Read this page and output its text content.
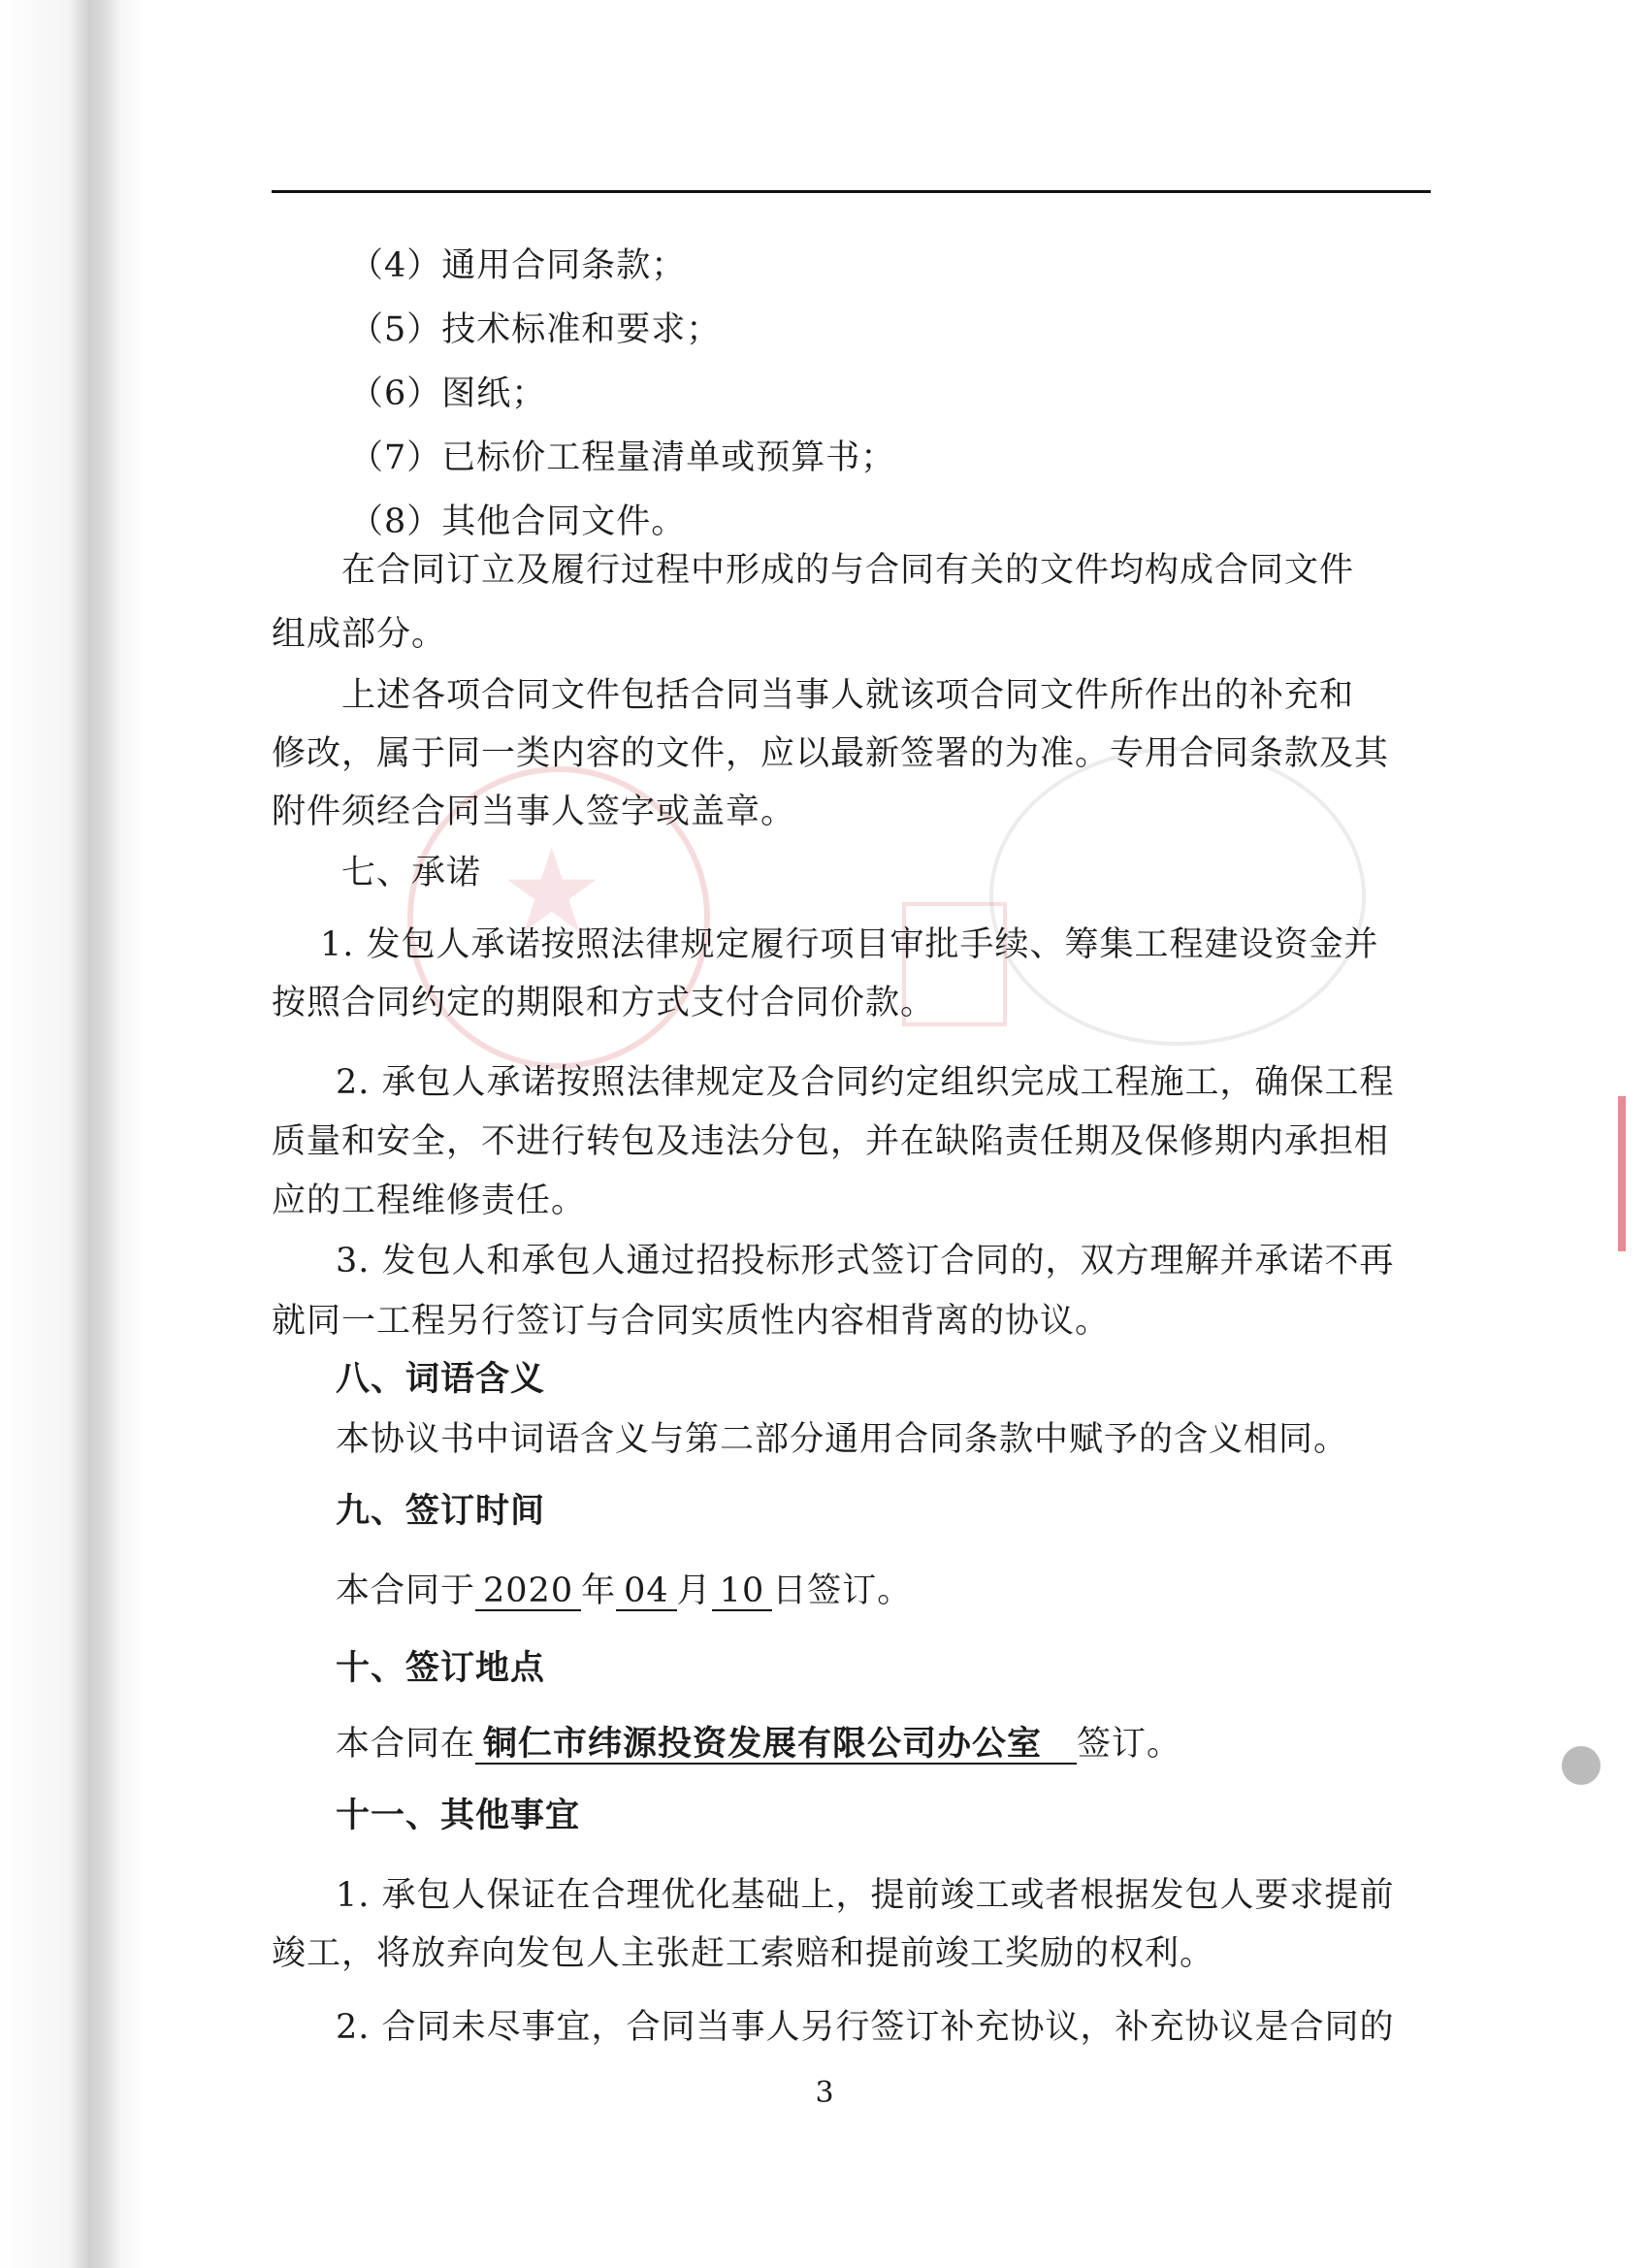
★
（4）通用合同条款；
（5）技术标准和要求；
（6）图纸；
（7）已标价工程量清单或预算书；
（8）其他合同文件。
在合同订立及履行过程中形成的与合同有关的文件均构成合同文件
组成部分。
上述各项合同文件包括合同当事人就该项合同文件所作出的补充和
修改，属于同一类内容的文件，应以最新签署的为准。专用合同条款及其
附件须经合同当事人签字或盖章。
七、承诺
1. 发包人承诺按照法律规定履行项目审批手续、筹集工程建设资金并
按照合同约定的期限和方式支付合同价款。
2. 承包人承诺按照法律规定及合同约定组织完成工程施工，确保工程
质量和安全，不进行转包及违法分包，并在缺陷责任期及保修期内承担相
应的工程维修责任。
3. 发包人和承包人通过招投标形式签订合同的，双方理解并承诺不再
就同一工程另行签订与合同实质性内容相背离的协议。
八、词语含义
本协议书中词语含义与第二部分通用合同条款中赋予的含义相同。
九、签订时间
本合同于 2020 年 04 月 10 日签订。
十、签订地点
本合同在 铜仁市纬源投资发展有限公司办公室 签订。
十一、其他事宜
1. 承包人保证在合理优化基础上，提前竣工或者根据发包人要求提前
竣工，将放弃向发包人主张赶工索赔和提前竣工奖励的权利。
2. 合同未尽事宜，合同当事人另行签订补充协议，补充协议是合同的
3
